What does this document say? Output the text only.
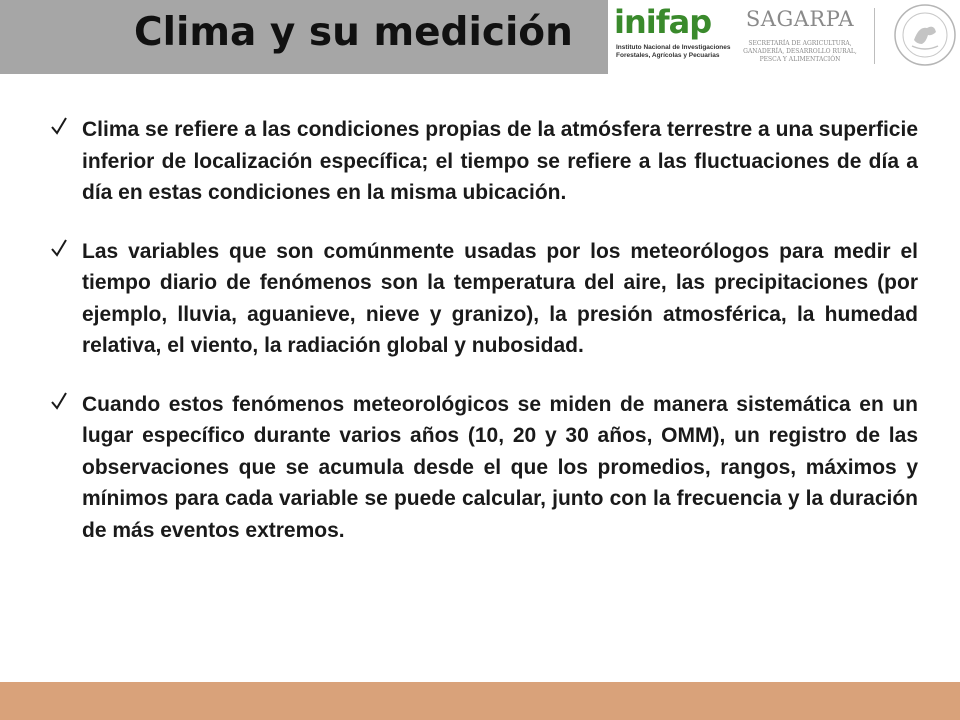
Clima y su medición inifap
Instituto Nacional de Investigaciones Forestales, Agrícolas y Pecuarias
SAGARPA
SECRETARÍA DE AGRICULTURA, GANADERÍA, DESARROLLO RURAL, PESCA Y ALIMENTACIÓN
Clima se refiere a las condiciones propias de la atmósfera terrestre a una superficie inferior de localización específica; el tiempo se refiere a las fluctuaciones de día a día en estas condiciones en la misma ubicación.
Las variables que son comúnmente usadas por los meteorólogos para medir el tiempo diario de fenómenos son la temperatura del aire, las precipitaciones (por ejemplo, lluvia, aguanieve, nieve y granizo), la presión atmosférica, la humedad relativa, el viento, la radiación global y nubosidad.
Cuando estos fenómenos meteorológicos se miden de manera sistemática en un lugar específico durante varios años (10, 20 y 30 años, OMM), un registro de las observaciones que se acumula desde el que los promedios, rangos, máximos y mínimos para cada variable se puede calcular, junto con la frecuencia y la duración de más eventos extremos.
